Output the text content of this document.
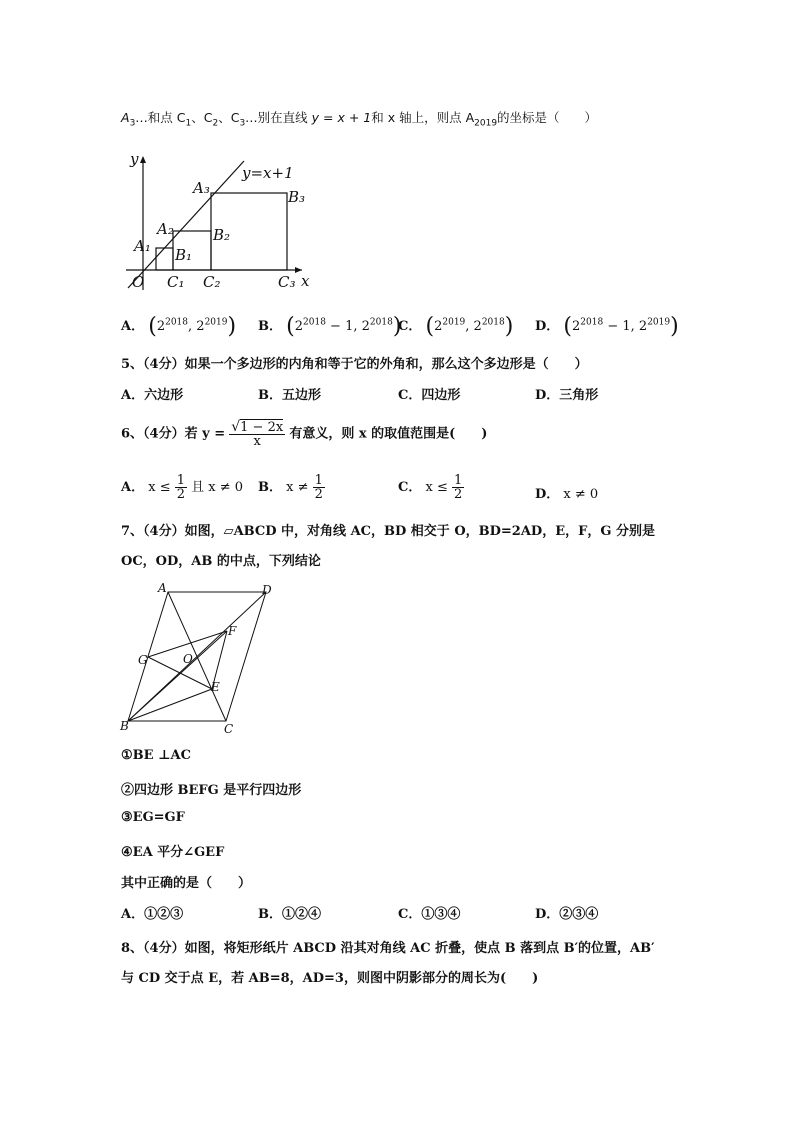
$A_3\dots$和点 $C_1$、$C_2$、$C_3\dots$别在直线 y = x + 1和 x 轴上，则点 $A_{2019}$的坐标是（　　）
y
x
y=x+1
O
A₁
A₂
A₃
B₁
B₂
B₃
C₁ C₂	C₃
A． ($2^{2018}$, $2^{2019}$) B． ($2^{2018} - 1$, $2^{2018}$)
C． ($2^{2019}$, $2^{2018}$) D． ($2^{2018} - 1$, $2^{2019}$)
5、（4分）如果一个多边形的内角和等于它的外角和，那么这个多边形是（　　）
A．六边形	B．五边形	C．四边形	D．三角形
6、（4分）若 $y = \frac{√1 - 2x}{x}$ 有意义，则 x 的取值范围是(　　)
A． $x \le \frac{1}{2}$ 且 x ≠ 0 B． $x \ne \frac{1}{2}$	C． $x \le \frac{1}{2}$	D． x ≠ 0
7、（4分）如图，▱ABCD 中，对角线 AC，BD 相交于 O，BD=2AD，E，F，G 分别是
OC，OD，AB 的中点，下列结论
A	D
F
G	O
E
B	C
①BE ⊥AC
②四边形 BEFG 是平行四边形
③EG=GF
④EA 平分∠GEF
其中正确的是（　　）
A．①②③	B．①②④	C．①③④	D．②③④
8、（4分）如图，将矩形纸片 ABCD 沿其对角线 AC 折叠，使点 B 落到点 B′的位置，AB′
与 CD 交于点 E，若 AB=8，AD=3，则图中阴影部分的周长为(　　)
